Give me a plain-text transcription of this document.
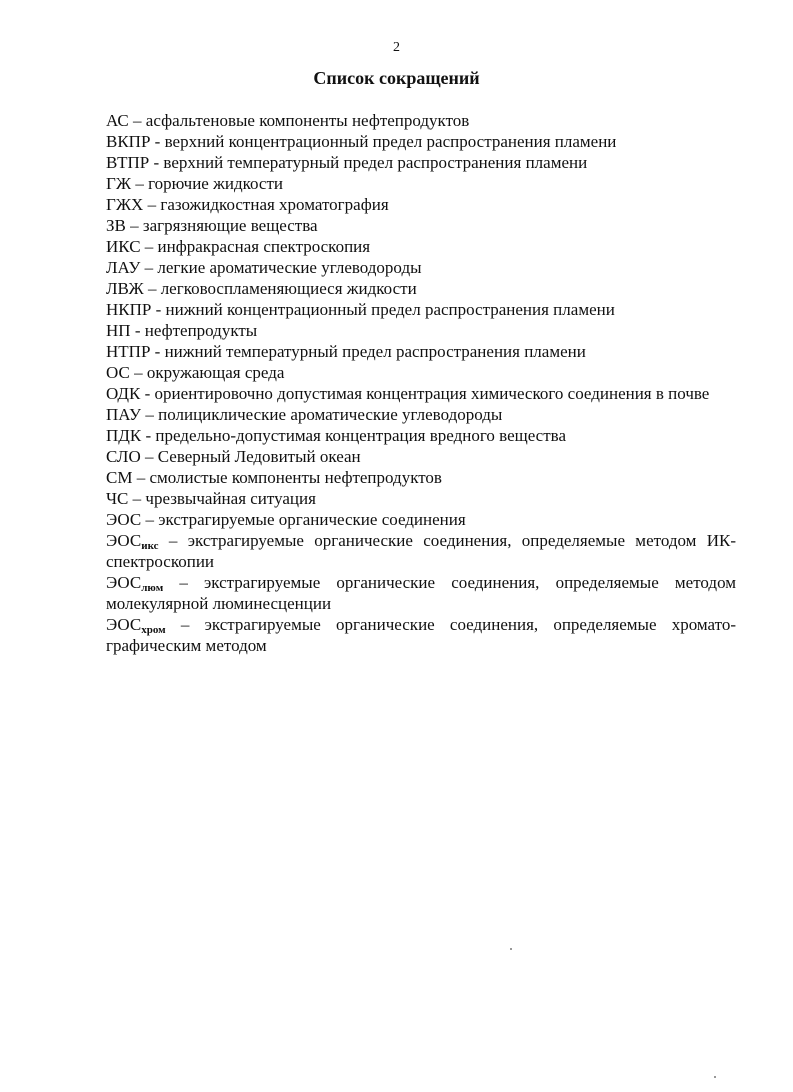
2
Список сокращений

АС – асфальтеновые компоненты нефтепродуктов

ВКПР - верхний концентрационный предел распространения пламени

ВТПР - верхний температурный предел распространения пламени

ГЖ – горючие жидкости

ГЖХ – газожидкостная хроматография

ЗВ – загрязняющие вещества

ИКС – инфракрасная спектроскопия

ЛАУ – легкие ароматические углеводороды

ЛВЖ – легковоспламеняющиеся жидкости

НКПР - нижний концентрационный предел распространения пламени

НП - нефтепродукты

НТПР - нижний температурный предел распространения пламени

ОС – окружающая среда

ОДК - ориентировочно допустимая концентрация химического соединения в почве

ПАУ – полициклические ароматические углеводороды

ПДК - предельно-допустимая концентрация вредного вещества

СЛО – Северный Ледовитый океан

СМ – смолистые компоненты нефтепродуктов

ЧС – чрезвычайная ситуация

ЭОС – экстрагируемые органические соединения

$ЭОС_{икс}$ – экстрагируемые органические соединения, определяемые методом ИК-спектроскопии

$ЭОС_{люм}$ – экстрагируемые органические соединения, определяемые методом молекулярной люминесценции

$ЭОС_{хром}$ – экстрагируемые органические соединения, определяемые хромато-графическим методом
